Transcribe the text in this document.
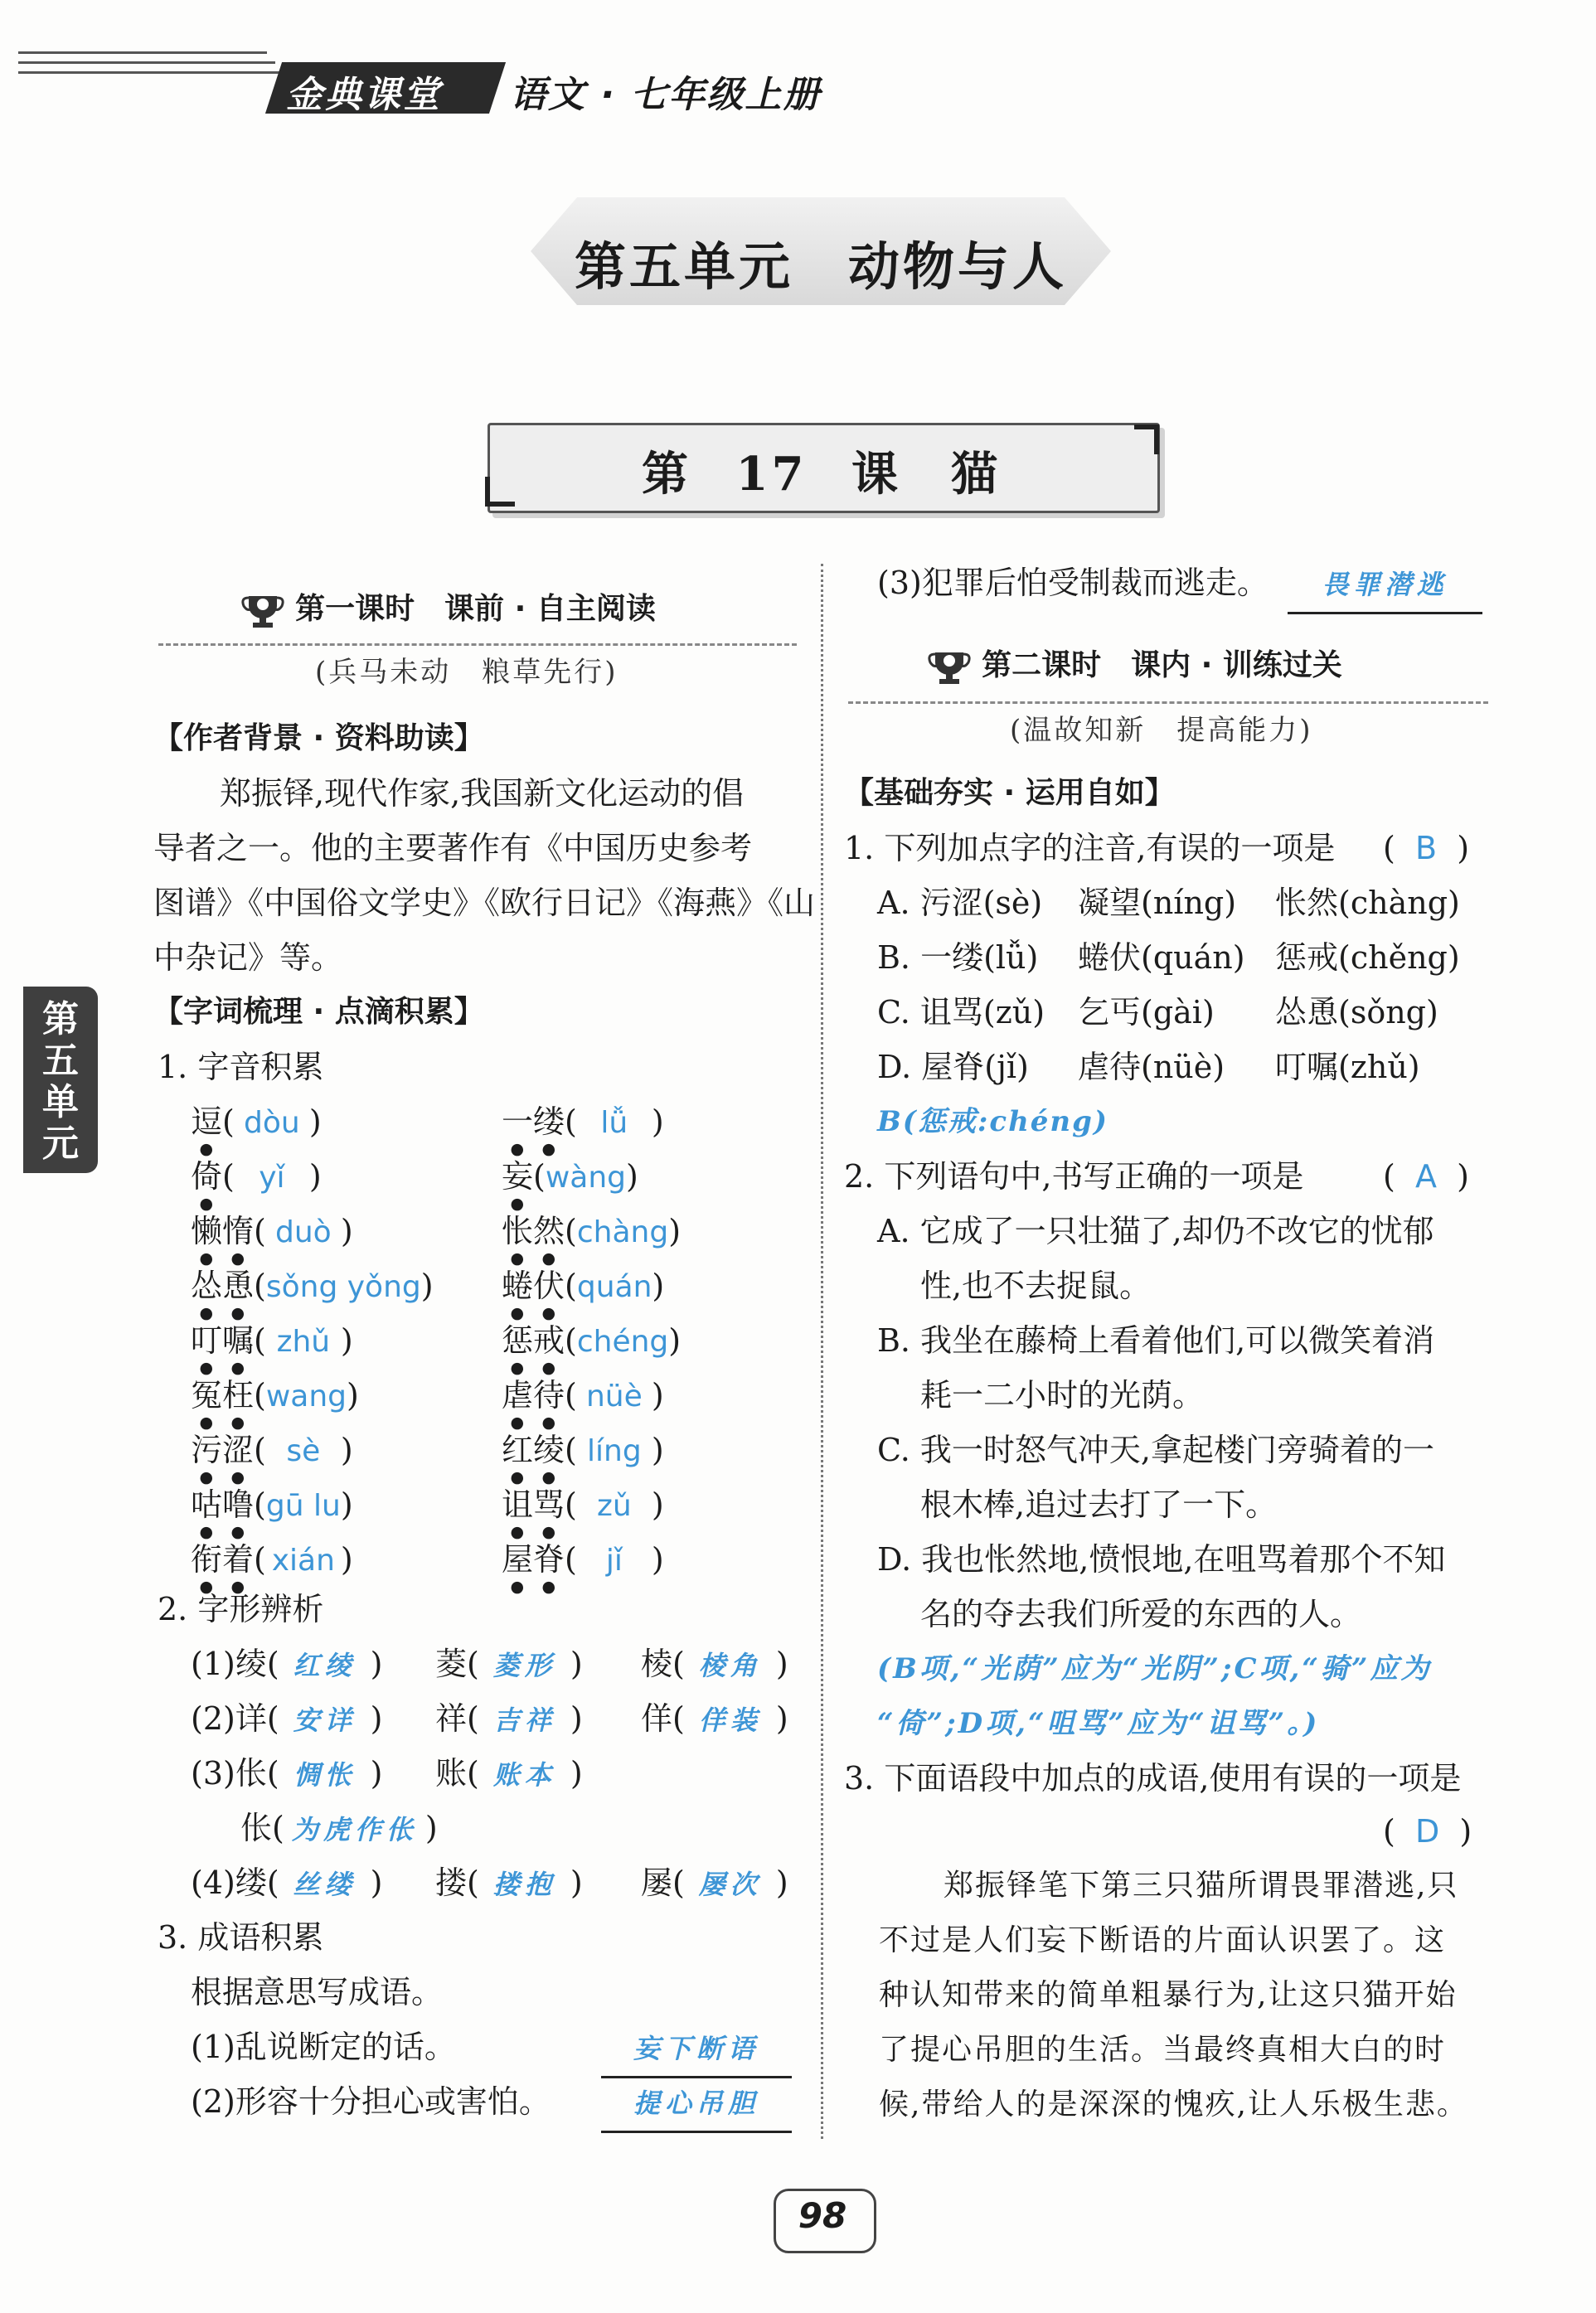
金典课堂 语文 · 七年级上册
第五单元　动物与人
第 17 课　猫
第五单元
第一课时　课前 · 自主阅读
(兵马未动　粮草先行)
【作者背景 · 资料助读】
郑振铎,现代作家,我国新文化运动的倡
导者之一。他的主要著作有《中国历史参考
图谱》《中国俗文学史》《欧行日记》《海燕》《山
中杂记》等。
【字词梳理 · 点滴积累】
1. 字音积累
逗( dòu )	一缕( lǚ )
倚( yǐ )	妄(wàng)
懒惰( duò )	怅然(chàng)
怂恿(sǒng yǒng) 蜷伏(quán)
叮嘱( zhǔ )	惩戒(chéng)
冤枉(wang)	虐待( nüè )
污涩( sè )	红绫( líng )
咕噜(gū lu)	诅骂( zǔ )
衔着( xián )	屋脊( jǐ )
2. 字形辨析
(1)绫( 红绫 ) 菱( 菱形 ) 棱( 棱角 )
(2)详( 安详 ) 祥( 吉祥 ) 佯( 佯装 )
(3)伥( 惆怅 ) 账( 账本 )
伥( 为虎作伥 )
(4)缕( 丝缕 ) 搂( 搂抱 ) 屡( 屡次 )
3. 成语积累
根据意思写成语。
(1)乱说断定的话。	妄下断语
(2)形容十分担心或害怕。	提心吊胆
(3)犯罪后怕受制裁而逃走。	畏罪潜逃
第二课时　课内 · 训练过关
(温故知新　提高能力)
【基础夯实 · 运用自如】
1. 下列加点字的注音,有误的一项是 (  B  )
A. 污涩(sè) 凝望(níng) 怅然(chàng)
B. 一缕(lǚ) 蜷伏(quán) 惩戒(chěng)
C. 诅骂(zǔ) 乞丐(gài) 怂恿(sǒng)
D. 屋脊(jǐ) 虐待(nüè) 叮嘱(zhǔ)
B(惩戒:chéng)
2. 下列语句中,书写正确的一项是	(  A  )
A. 它成了一只壮猫了,却仍不改它的忧郁
性,也不去捉鼠。
B. 我坐在藤椅上看着他们,可以微笑着消
耗一二小时的光荫。
C. 我一时怒气冲天,拿起楼门旁骑着的一
根木棒,追过去打了一下。
D. 我也怅然地,愤恨地,在咀骂着那个不知
名的夺去我们所爱的东西的人。
(B项,“光荫”应为“光阴”;C项,“骑”应为
“倚”;D项,“咀骂”应为“诅骂”。)
3. 下面语段中加点的成语,使用有误的一项是
(  D  )
郑振铎笔下第三只猫所谓畏罪潜逃,只
不过是人们妄下断语的片面认识罢了。这
种认知带来的简单粗暴行为,让这只猫开始
了提心吊胆的生活。当最终真相大白的时
候,带给人的是深深的愧疚,让人乐极生悲。
98
